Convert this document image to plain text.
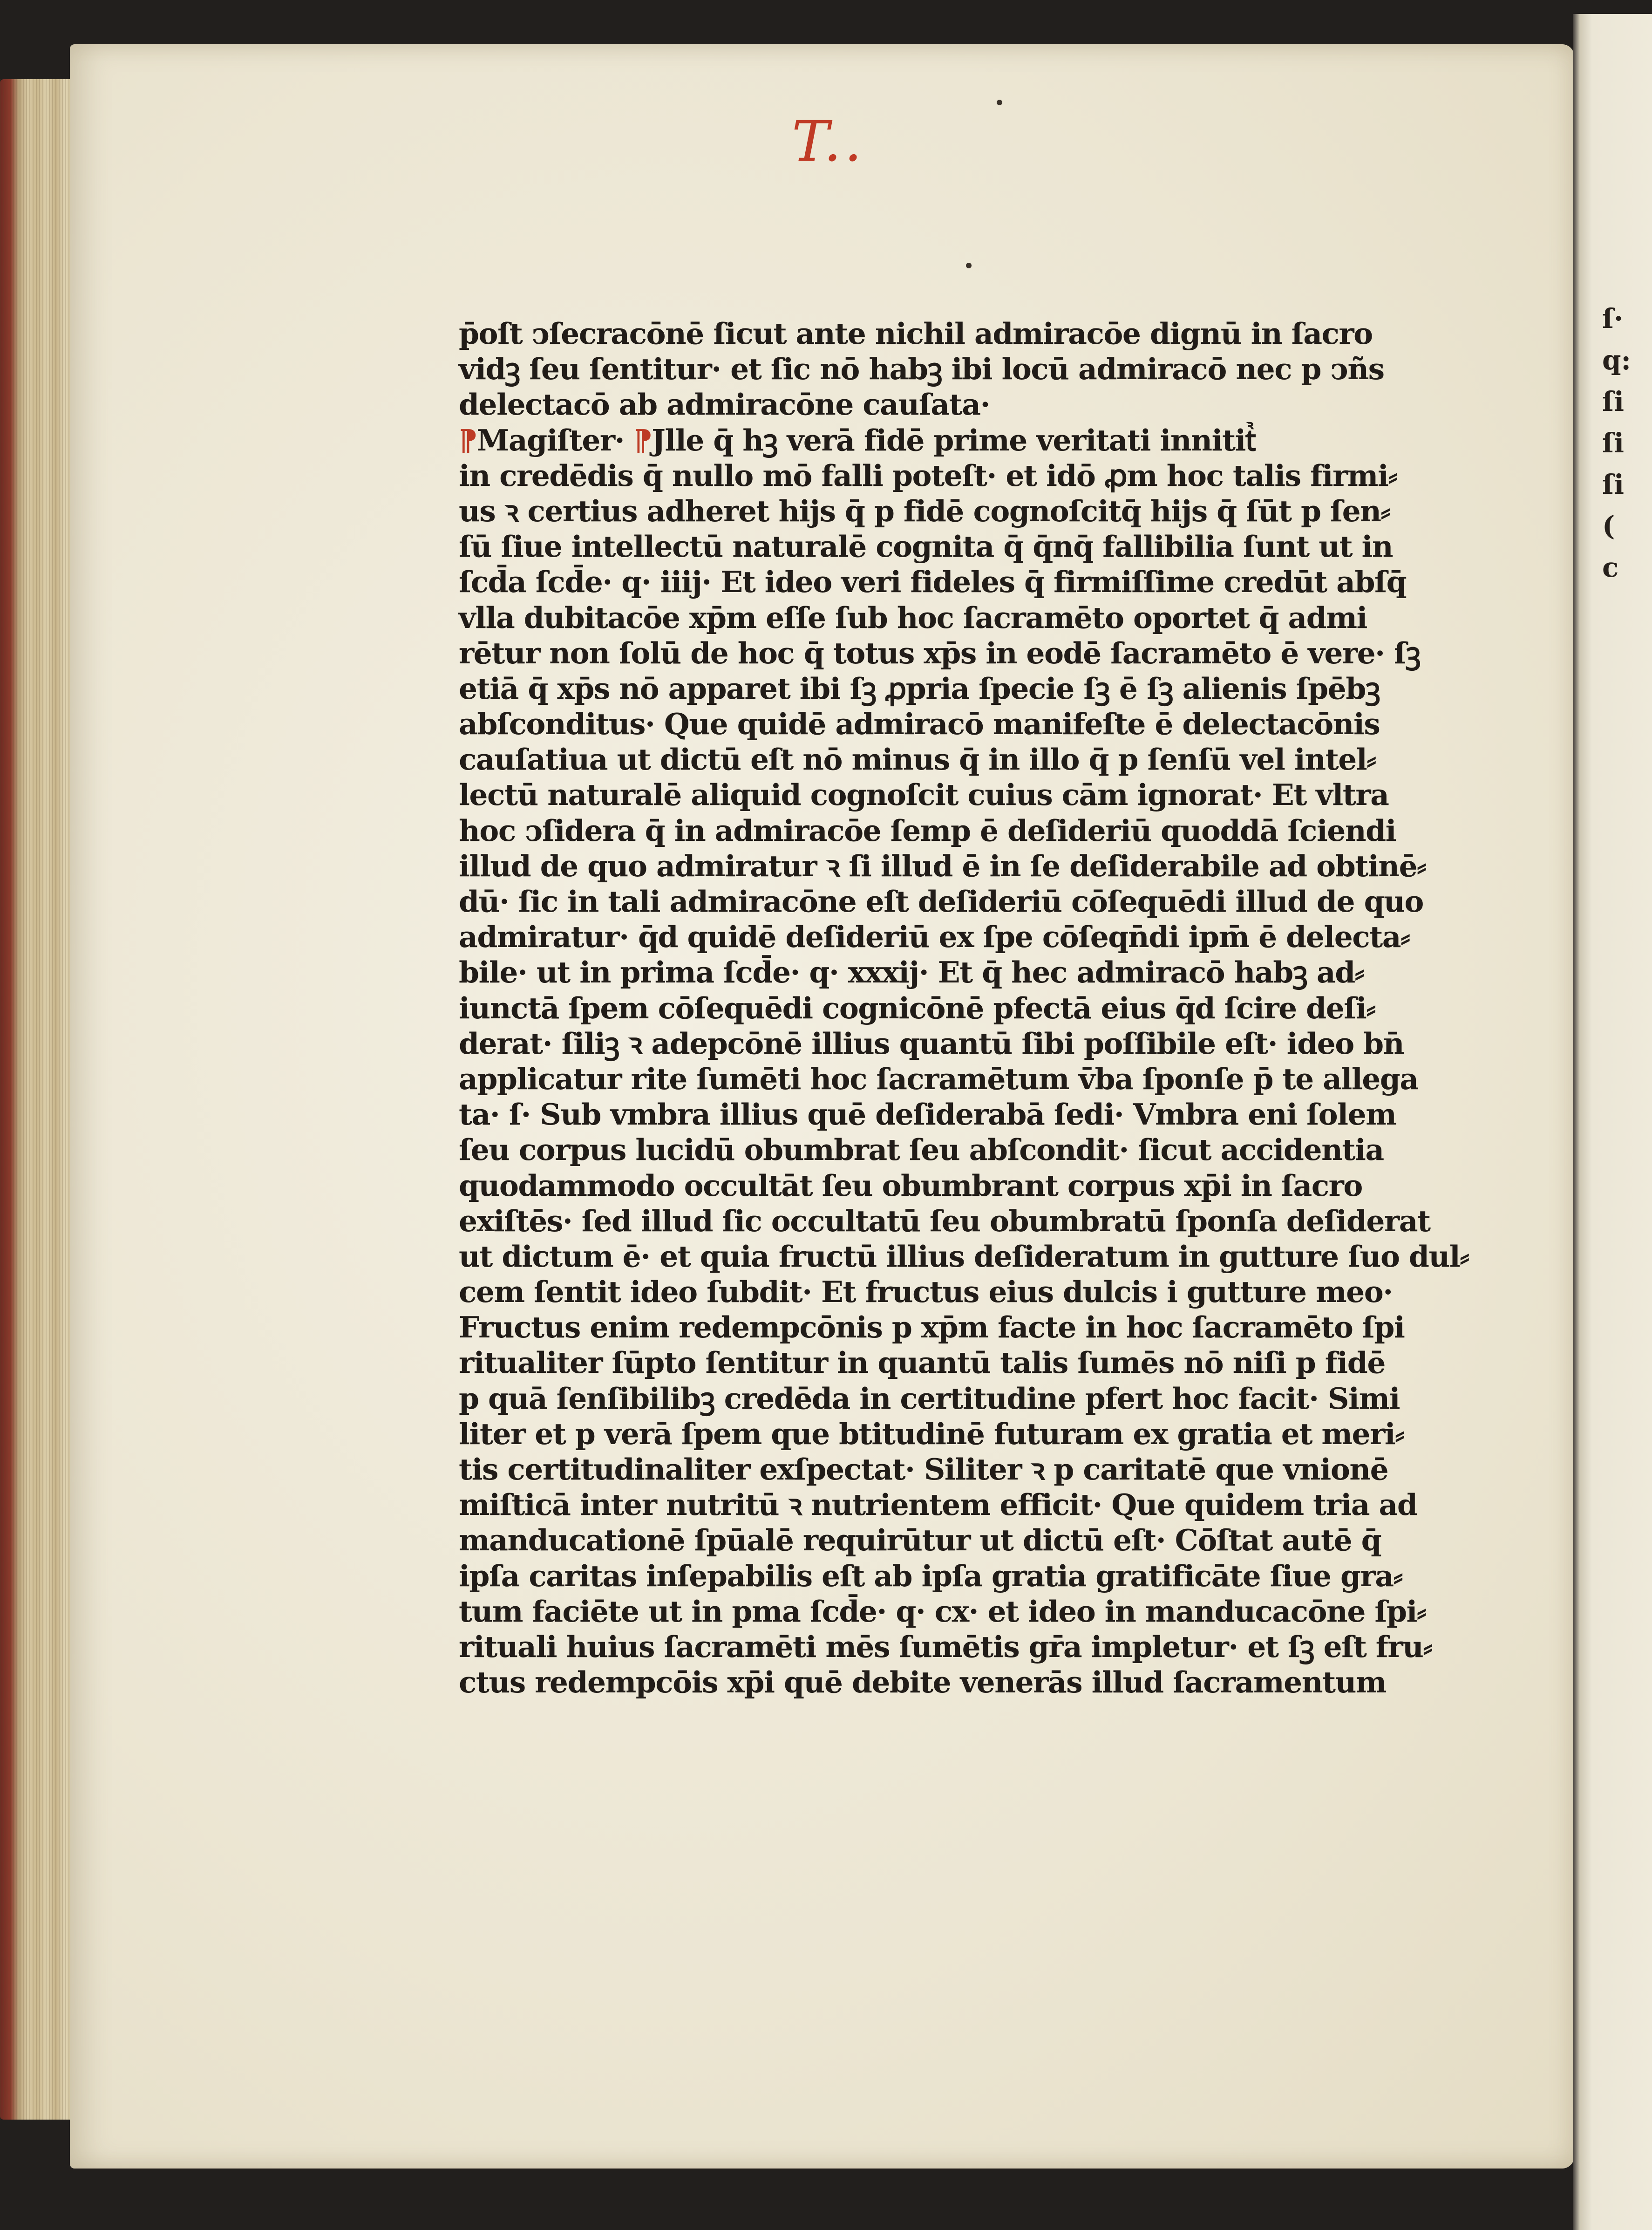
T..
p̄oſt ↄſecracōnē ſicut ante nichil admiracōe dignū in ſacro
vidꝫ ſeu ſentitur· et ſic nō habꝫ ibi locū admiracō nec p ↄñs
delectacō ab admiracōne cauſata·
⁋Magiſter· ⁋Jlle q̄ hꝫ verā fidē prime veritati innititᷣ
in credēdis q̄ nullo mō falli poteſt· et idō ꝓm hoc talis firmi⸗
us ꝛ certius adheret hijs q̄ p fidē cognoſcitq̄ hijs q̄ ſūt p ſen⸗
ſū ſiue intellectū naturalē cognita q̄ q̄nq̄ fallibilia ſunt ut in
ſcd̄a ſcd̄e· q· iiij· Et ideo veri fideles q̄ firmiſſime credūt abſq̄
vlla dubitacōe xp̄m eſſe ſub hoc ſacramēto oportet q̄ admi
rētur non ſolū de hoc q̄ totus xp̄s in eodē ſacramēto ē vere· ſꝫ
etiā q̄ xp̄s nō apparet ibi ſꝫ ꝓpria ſpecie ſꝫ ē ſꝫ alienis ſpēbꝫ
abſconditus· Que quidē admiracō manifeſte ē delectacōnis
cauſatiua ut dictū eſt nō minus q̄ in illo q̄ p ſenſū vel intel⸗
lectū naturalē aliquid cognoſcit cuius cām ignorat· Et vltra
hoc ↄſidera q̄ in admiracōe ſemp ē deſideriū quoddā ſciendi
illud de quo admiratur ꝛ ſi illud ē in ſe deſiderabile ad obtinē⸗
dū· ſic in tali admiracōne eſt deſideriū cōſequēdi illud de quo
admiratur· q̄d quidē deſideriū ex ſpe cōſeqn̄di ipm̄ ē delecta⸗
bile· ut in prima ſcd̄e· q· xxxij· Et q̄ hec admiracō habꝫ ad⸗
iunctā ſpem cōſequēdi cognicōnē pfectā eius q̄d ſcire deſi⸗
derat· ſiliꝫ ꝛ adepcōnē illius quantū ſibi poſſibile eſt· ideo bn̄
applicatur rite ſumēti hoc ſacramētum v̄ba ſponſe p̄ te allega
ta· ſ· Sub vmbra illius quē deſiderabā ſedi· Vmbra eni ſolem
ſeu corpus lucidū obumbrat ſeu abſcondit· ſicut accidentia
quodammodo occultāt ſeu obumbrant corpus xp̄i in ſacro
exiſtēs· ſed illud ſic occultatū ſeu obumbratū ſponſa deſiderat
ut dictum ē· et quia fructū illius deſideratum in gutture ſuo dul⸗
cem ſentit ideo ſubdit· Et fructus eius dulcis i gutture meo·
Fructus enim redempcōnis p xp̄m facte in hoc ſacramēto ſpi
ritualiter ſūpto ſentitur in quantū talis ſumēs nō niſi p fidē
p quā ſenſibilibꝫ credēda in certitudine pfert hoc facit· Simi
liter et p verā ſpem que btitudinē futuram ex gratia et meri⸗
tis certitudinaliter exſpectat· Siliter ꝛ p caritatē que vnionē
miſticā inter nutritū ꝛ nutrientem efficit· Que quidem tria ad
manducationē ſpūalē requirūtur ut dictū eſt· Cōſtat autē q̄
ipſa caritas inſepabilis eſt ab ipſa gratia gratificāte ſiue gra⸗
tum faciēte ut in pma ſcd̄e· q· cx· et ideo in manducacōne ſpi⸗
rituali huius ſacramēti mēs ſumētis gr̄a impletur· et ſꝫ eſt fru⸗
ctus redempcōis xp̄i quē debite venerās illud ſacramentum
ſ·
q:
ſi
ſi
ſi
(
c
